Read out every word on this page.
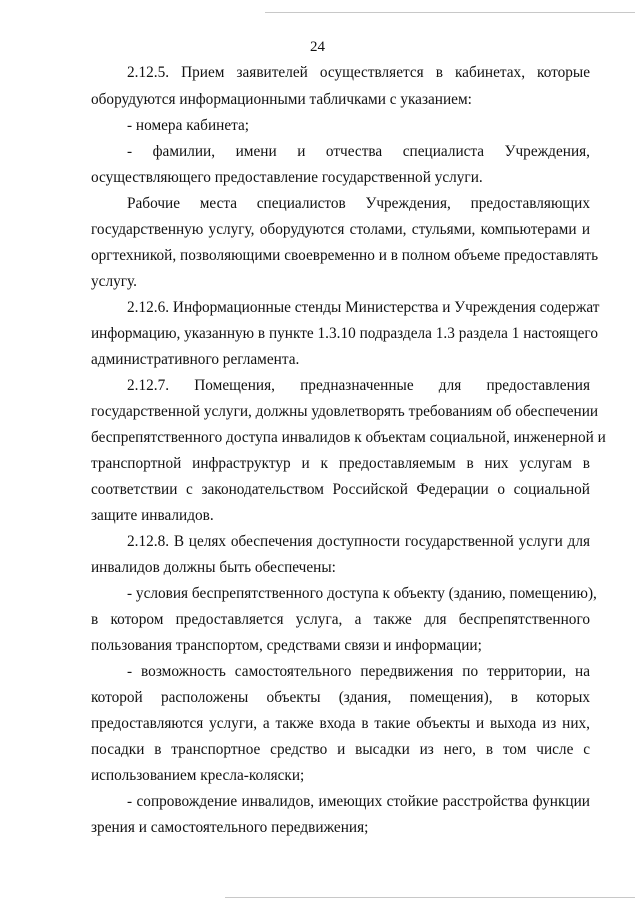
24
2.12.5. Прием заявителей осуществляется в кабинетах, которые
оборудуются информационными табличками с указанием:
- номера кабинета;
- фамилии, имени и отчества специалиста Учреждения,
осуществляющего предоставление государственной услуги.
Рабочие места специалистов Учреждения, предоставляющих
государственную услугу, оборудуются столами, стульями, компьютерами и
оргтехникой, позволяющими своевременно и в полном объеме предоставлять
услугу.
2.12.6. Информационные стенды Министерства и Учреждения содержат
информацию, указанную в пункте 1.3.10 подраздела 1.3 раздела 1 настоящего
административного регламента.
2.12.7. Помещения, предназначенные для предоставления
государственной услуги, должны удовлетворять требованиям об обеспечении
беспрепятственного доступа инвалидов к объектам социальной, инженерной и
транспортной инфраструктур и к предоставляемым в них услугам в
соответствии с законодательством Российской Федерации о социальной
защите инвалидов.
2.12.8. В целях обеспечения доступности государственной услуги для
инвалидов должны быть обеспечены:
- условия беспрепятственного доступа к объекту (зданию, помещению),
в котором предоставляется услуга, а также для беспрепятственного
пользования транспортом, средствами связи и информации;
- возможность самостоятельного передвижения по территории, на
которой расположены объекты (здания, помещения), в которых
предоставляются услуги, а также входа в такие объекты и выхода из них,
посадки в транспортное средство и высадки из него, в том числе с
использованием кресла-коляски;
- сопровождение инвалидов, имеющих стойкие расстройства функции
зрения и самостоятельного передвижения;
